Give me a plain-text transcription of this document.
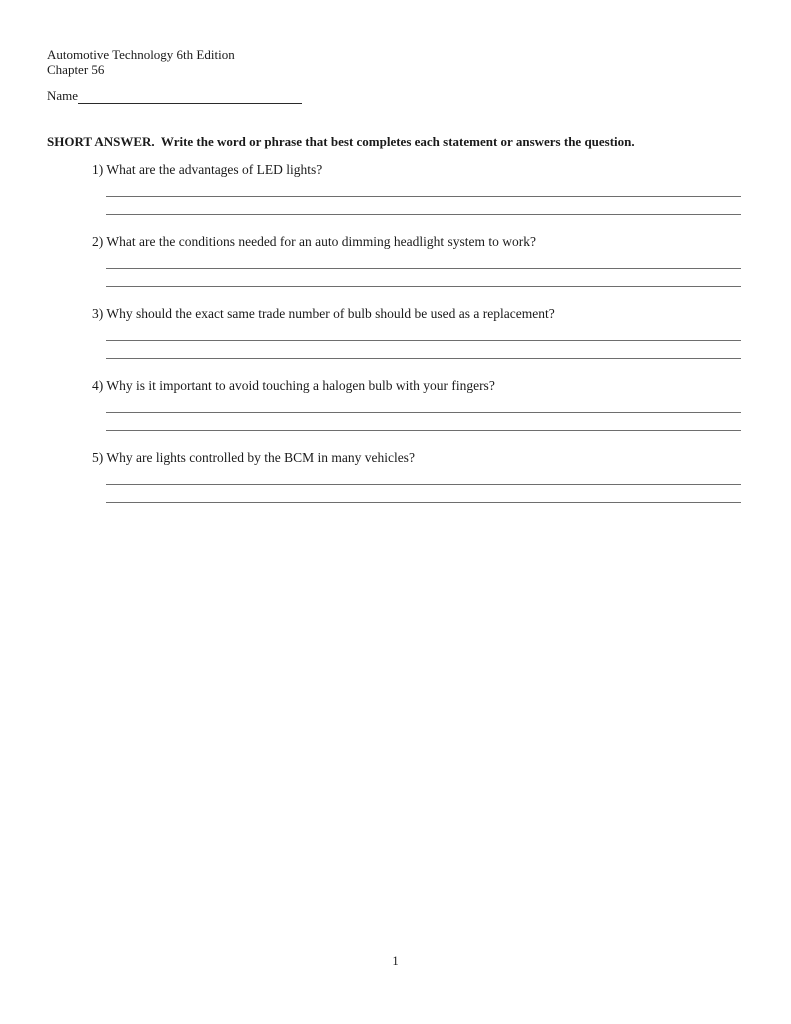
Automotive Technology 6th Edition
Chapter 56
Name
SHORT ANSWER.  Write the word or phrase that best completes each statement or answers the question.
1) What are the advantages of LED lights?
2) What are the conditions needed for an auto dimming headlight system to work?
3) Why should the exact same trade number of bulb should be used as a replacement?
4) Why is it important to avoid touching a halogen bulb with your fingers?
5) Why are lights controlled by the BCM in many vehicles?
1
